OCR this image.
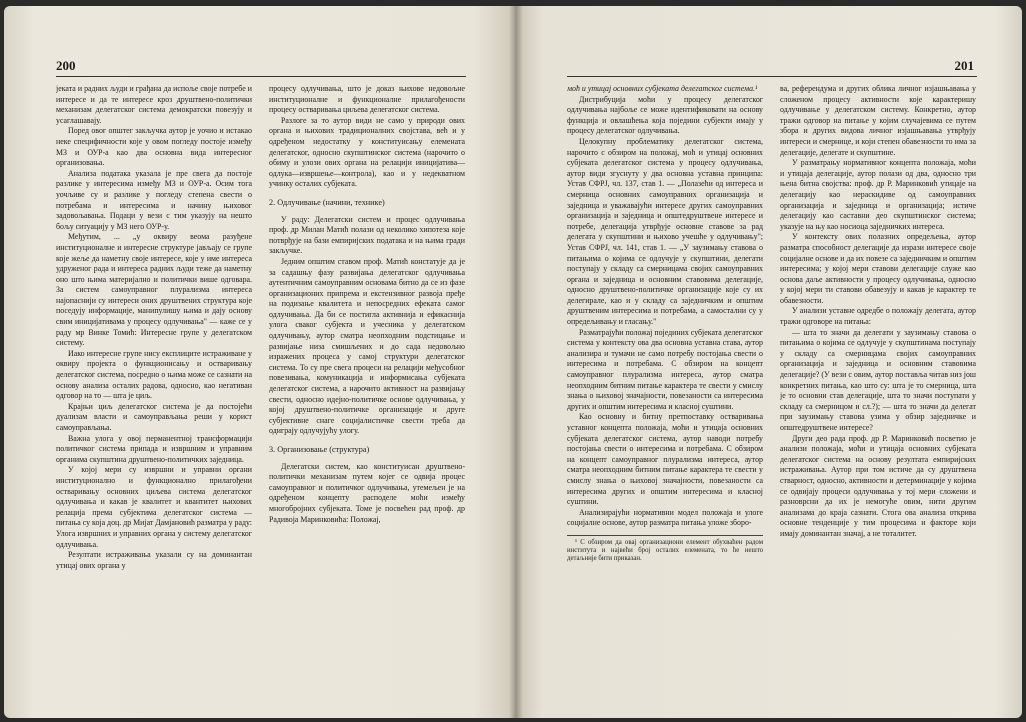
200

јеката и радних људи и грађана да испоље своје потребе и интересе и да те интересе кроз друштвено-политички механизам делегатског система демократски повезују и усаглашавају.

Поред овог општег закључка аутор је уочио и истакао неке специфичности које у овом погледу постоје између МЗ и ОУР-а као два основна вида интересног организовања.

Анализа података указала је пре свега да постоје разлике у интересима између МЗ и ОУР-а. Осим тога уочљиве су и разлике у погледу степена свести о потребама и интересима и начину њиховог задовољавања. Подаци у вези с тим указују на нешто бољу ситуацију у МЗ него ОУР-у.

Међутим, ... „у оквиру веома разуђене институционалне и интересне структуре јављају се групе које жеље да наметну своје интересе, које у име интереса удруженог рада и интереса радних људи теже да наметну оно што њима материјално и политички више одговара. За систем самоуправног плурализма интереса најопаснији су интереси оних друштвених структура које поседују информације, манипулишу њима и дају основу свим иницијативама у процесу одлучивања" — каже се у раду мр Винке Томић: Интересне групе у делегатском систему.

Иако интересне групе нису експлиците истраживане у оквиру пројекта о функционисању и остваривању делегатског система, посредно о њима може се сазнати на основу анализа осталих радова, односно, као негативан одговор на то — шта је циљ.

Крајњи циљ делегатског система је да постојећи дуализам власти и самоуправљања реши у корист самоуправљања.

Важна улога у овој перманентној трансформацији политичког система припада и извршним и управним органима скупштина друштвено-политичких заједница.

У којој мери су извршни и управни органи институционално и функционално прилагођени остваривању основних циљева система делегатског одлучивања и какав је квалитет и квантитет њихових релација према субјектима делегатског система — питања су која доц. др Мијат Дамјановић разматра у раду: Улога извршних и управних органа у систему делегатског одлучивања.

Резултати истраживања указали су на доминантан утицај ових органа у

процесу одлучивања, што је доказ њихове недовољне институционалне и функционалне прилагођености процесу остваривања циљева делегатског система.

Разлоге за то аутор види не само у природи ових органа и њихових традиционалних својстава, већ и у одређеном недостатку у конституисању елемената делегатског, односно скупштинског система (нарочито о обиму и улози ових органа на релацији иницијатива—одлука—извршење—контрола), као и у недекватном учинку осталих субјеката.

2. Одлучивање (начини, технике)

У раду: Делегатски систем и процес одлучивања проф. др Милан Матић полази од неколико хипотеза које потврђује на бази емпиријских података и на њима гради закључке.

Једним општим ставом проф. Матић констатује да је за садашњу фазу развијања делегатског одлучивања аутентичним самоуправним основама битно да се из фазе организационих припрема и екстензивног развоја пређе на подизање квалитета и непосредних ефеката самог одлучивања. Да би се постигла активнија и ефикаснија улога сваког субјекта и учесника у делегатском одлучивању, аутор сматра неопходним подстицање и развијање низа смишљених и до сада недовољно изражених процеса у самој структури делегатског система. То су пре свега процеси на релацији међусобног повезивања, комуникација и информисања субјеката делегатског система, а нарочито активност на развијању свести, односно идејно-политичке основе одлучивања, у којој друштвенo-политичке организације и друге субјективне снаге социјалистичке свести треба да одиграју одлучујућу улогу.

3. Организовање (структура)

Делегатски систем, као конституисан друштвено-политички механизам путем којег се одвија процес самоуправног и политичког одлучивања, утемељен је на одређеном концепту расподеле моћи између многобројних субјеката. Томе је посвећен рад проф. др Радивоја Маринковића: Положај,

201

моћ и утицај основних субјеката делегатског система.¹

Дистрибуција моћи у процесу делегатског одлучивања најбоље се може идентификовати на основу функција и овлашћења која поједини субјекти имају у процесу делегатског одлучивања.

Целокупну проблематику делегатског система, нарочито с обзиром на положај, моћ и утицај основних субјеката делегатског система у процесу одлучивања, аутор види згуснуту у два основна уставна принципа: Устав СФРЈ, чл. 137, став 1. — „Полазећи од интереса и смерница основних самоуправних организација и заједница и уважавајући интересе других самоуправних организација и заједница и општедруштвене интересе и потребе, делегација утврђује основне ставове за рад делегата у скупштини и њихово учешће у одлучивању"; Устав СФРЈ, чл. 141, став 1. — „У заузимању ставова о питањима о којима се одлучује у скупштини, делегати поступају у складу са смерницама својих самоуправних органа и заједница и основним ставовима делегације, односно друштвено-политичке организације које су их делегирале, као и у складу са заједничким и општим друштвеним интересима и потребама, а самостални су у опредељивању и гласању."

Разматрајући положај појединих субјеката делегатског система у контексту ова два основна уставна става, аутор анализира и тумачи не само потребу постојања свести о интересима и потребама. С обзиром на концепт самоуправног плурализма интереса, аутор сматра неопходним битним питање карактера те свести у смислу знања о њиховој значајности, повезаности са интересима других и општим интересима и класној суштини.

Као основну и битну претпоставку остваривања уставног концепта положаја, моћи и утицаја основних субјеката делегатског система, аутор наводи потребу постојања свести о интересима и потребама. С обзиром на концепт самоуправног плурализма интереса, аутор сматра неопходним битним питање карактера те свести у смислу знања о њиховој значајности, повезаности са интересима других и општим интересима и класној суштини.

Анализирајући нормативни модел положаја и улоге социјалне основе, аутор разматра питања уложе збоpо-

¹ С обзиром да овај организациони елемент обухваћен радом института и највећи број осталих елемената, то ће нешто детаљније бити приказан.

ва, референдума и других облика личног изјашњавања у сложеном процесу активности које карактеришу одлучивање у делегатском систему. Конкретно, аутор тражи одговор на питање у којим случајевима се путем збора и других видова личног изјашњавања утврђују интереси и смернице, и који степен обавезности то има за делегације, делегате и скупштине.

У разматрању нормативног концепта положаја, моћи и утицаја делегације, аутор полази од два, односно три њена битна својства: проф. др Р. Маринковић утицаје на делегацију као нераскидиве од самоуправних организација и заједница и организација; истиче делегацију као саставни део скупштинског система; указује на њу као носиоца заједничких интереса.

У контексту ових полазних опредељења, аутор разматра способност делегације да изрази интересе своје социјалне основе и да их повезе са заједничким и општим интересима; у којој мери ставови делегације служе као основа даље активности у процесу одлучивања, односно у којој мери ти ставови обавезују и какав је карактер те обавезности.

У анализи уставне одредбе о положају делегата, аутор тражи одговоре на питања:

— шта то значи да делегати у заузимању ставова о питањима о којима се одлучује у скупштинама поступају у складу са смерницама својих самоуправних организација и заједница и основним ставовима делегације? (У вези с овим, аутор поставља читав низ још конкретних питања, као што су: шта је то смерница, шта је то основни став делегације, шта то значи поступати у складу са смерницом и сл.?); — шта то значи да делегат при заузимању ставова узима у обзир заједничке и општедруштвене интересе?

Други део рада проф. др Р. Маринковић посветио је анализи положаја, моћи и утицаја основних субјеката делегатског система на основу резултата емпиријских истраживања. Аутор при том истиче да су друштвена стварност, односно, активности и детерминације у којима се одвијају процеси одлучивања у тој мери сложени и разноврсни да их је немогуће овим, нити другим анализама до краја сазнати. Стога ова анализа открива основне тенденције у тим процесима и факторе који имају доминантан значај, а не тоталитет.
